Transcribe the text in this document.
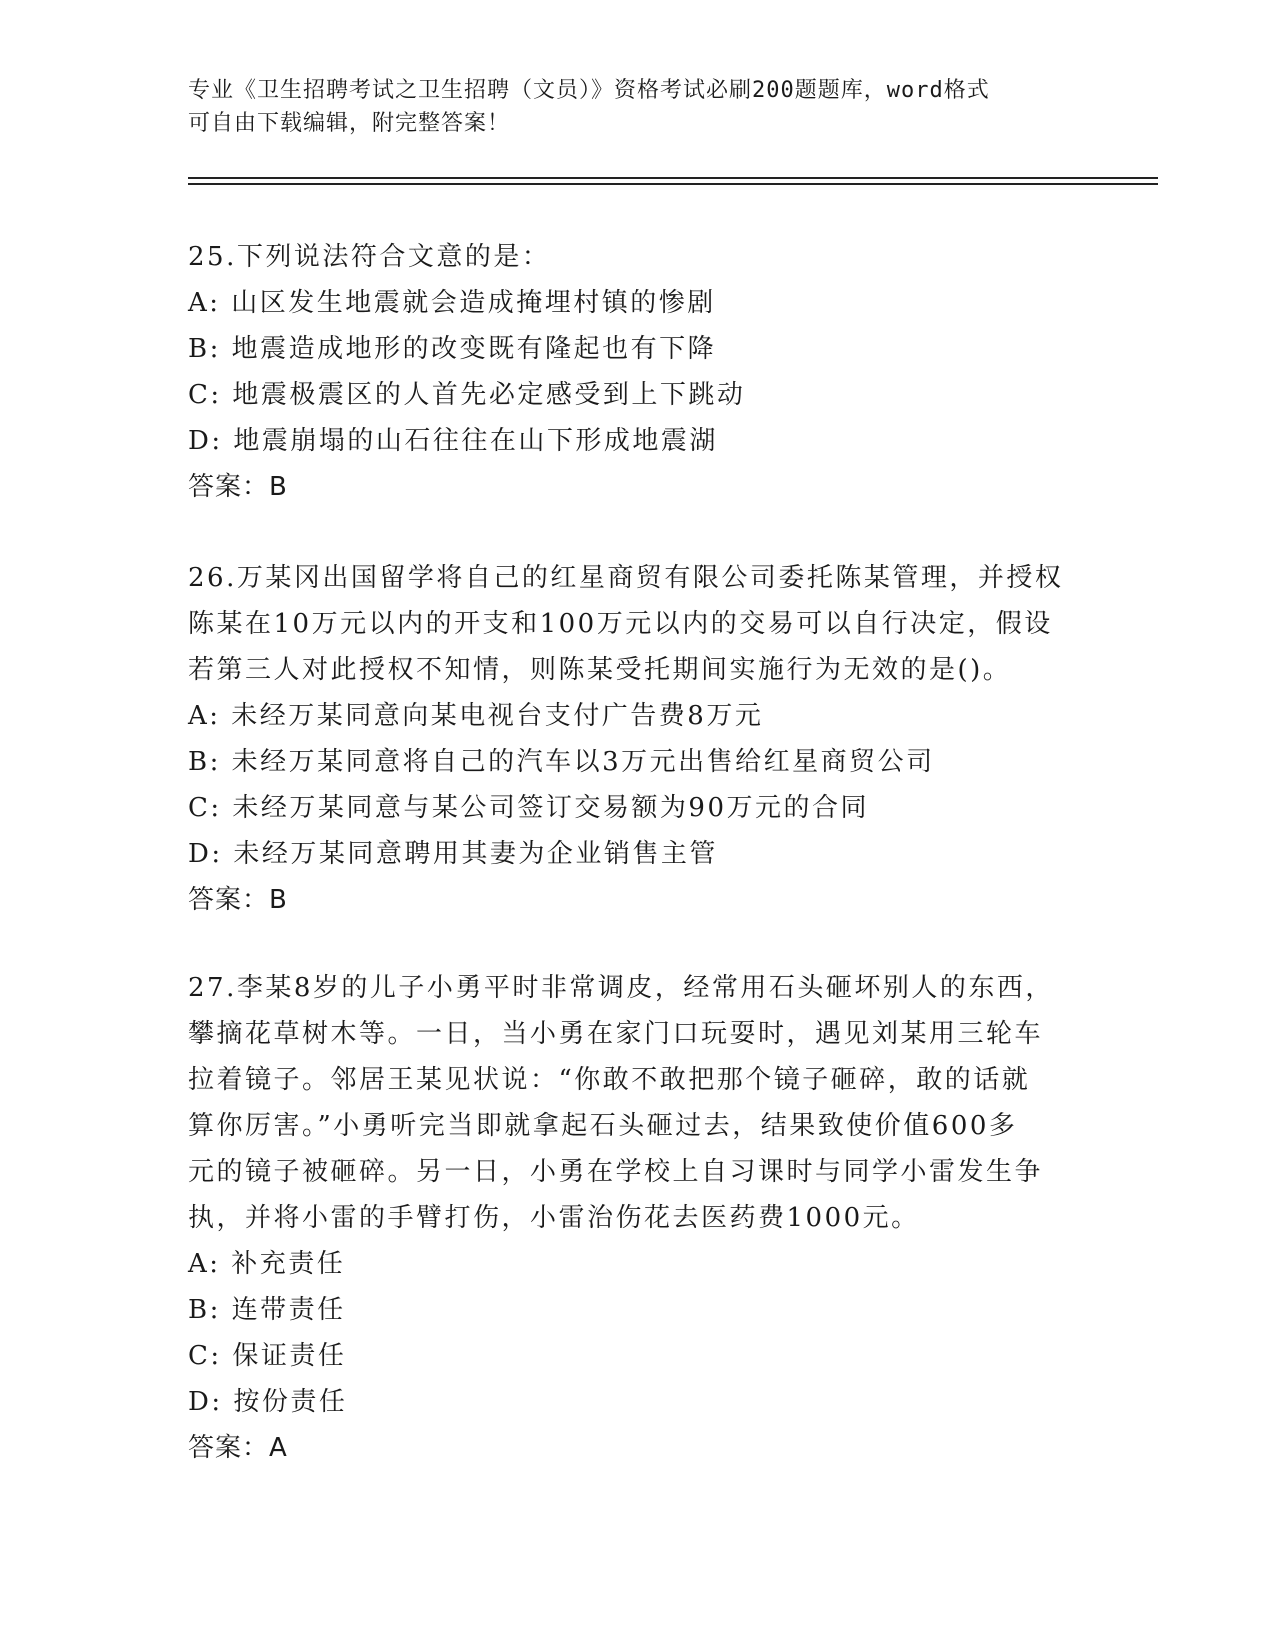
专业《卫生招聘考试之卫生招聘（文员）》资格考试必刷200题题库，word格式
可自由下载编辑，附完整答案！
25.下列说法符合文意的是：
A: 山区发生地震就会造成掩埋村镇的惨剧
B: 地震造成地形的改变既有隆起也有下降
C: 地震极震区的人首先必定感受到上下跳动
D: 地震崩塌的山石往往在山下形成地震湖
答案：B
26.万某冈出国留学将自己的红星商贸有限公司委托陈某管理，并授权
陈某在10万元以内的开支和100万元以内的交易可以自行决定，假设
若第三人对此授权不知情，则陈某受托期间实施行为无效的是()。
A: 未经万某同意向某电视台支付广告费8万元
B: 未经万某同意将自己的汽车以3万元出售给红星商贸公司
C: 未经万某同意与某公司签订交易额为90万元的合同
D: 未经万某同意聘用其妻为企业销售主管
答案：B
27.李某8岁的儿子小勇平时非常调皮，经常用石头砸坏别人的东西，
攀摘花草树木等。一日，当小勇在家门口玩耍时，遇见刘某用三轮车
拉着镜子。邻居王某见状说：“你敢不敢把那个镜子砸碎，敢的话就
算你厉害。”小勇听完当即就拿起石头砸过去，结果致使价值600多
元的镜子被砸碎。另一日，小勇在学校上自习课时与同学小雷发生争
执，并将小雷的手臂打伤，小雷治伤花去医药费1000元。
A: 补充责任
B: 连带责任
C: 保证责任
D: 按份责任
答案：A
